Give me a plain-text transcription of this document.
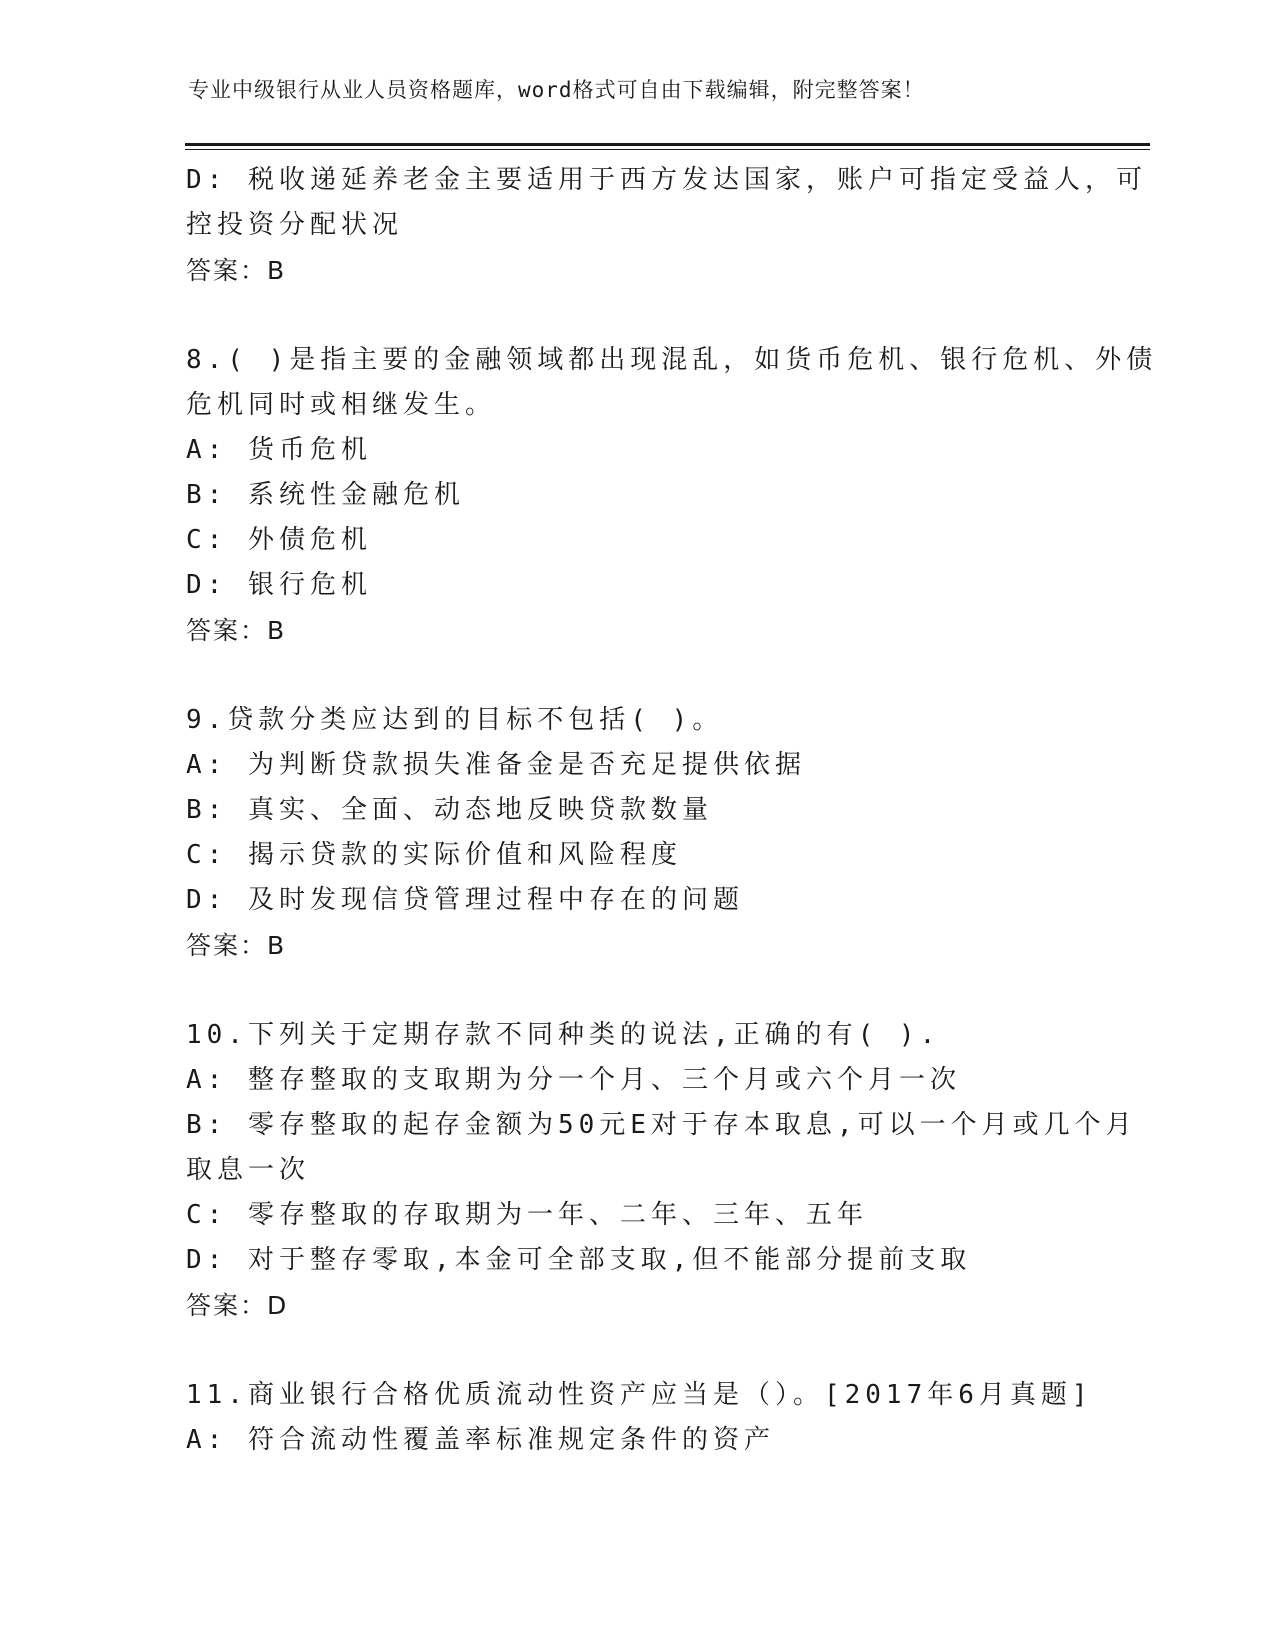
专业中级银行从业人员资格题库，word格式可自由下载编辑，附完整答案！
D: 税收递延养老金主要适用于西方发达国家，账户可指定受益人，可
控投资分配状况
答案：B
8.( )是指主要的金融领域都出现混乱，如货币危机、银行危机、外债
危机同时或相继发生。
A: 货币危机
B: 系统性金融危机
C: 外债危机
D: 银行危机
答案：B
9.贷款分类应达到的目标不包括( )。
A: 为判断贷款损失准备金是否充足提供依据
B: 真实、全面、动态地反映贷款数量
C: 揭示贷款的实际价值和风险程度
D: 及时发现信贷管理过程中存在的问题
答案：B
10.下列关于定期存款不同种类的说法,正确的有( ).
A: 整存整取的支取期为分一个月、三个月或六个月一次
B: 零存整取的起存金额为50元E对于存本取息,可以一个月或几个月
取息一次
C: 零存整取的存取期为一年、二年、三年、五年
D: 对于整存零取,本金可全部支取,但不能部分提前支取
答案：D
11.商业银行合格优质流动性资产应当是（）。[2017年6月真题]
A: 符合流动性覆盖率标准规定条件的资产
